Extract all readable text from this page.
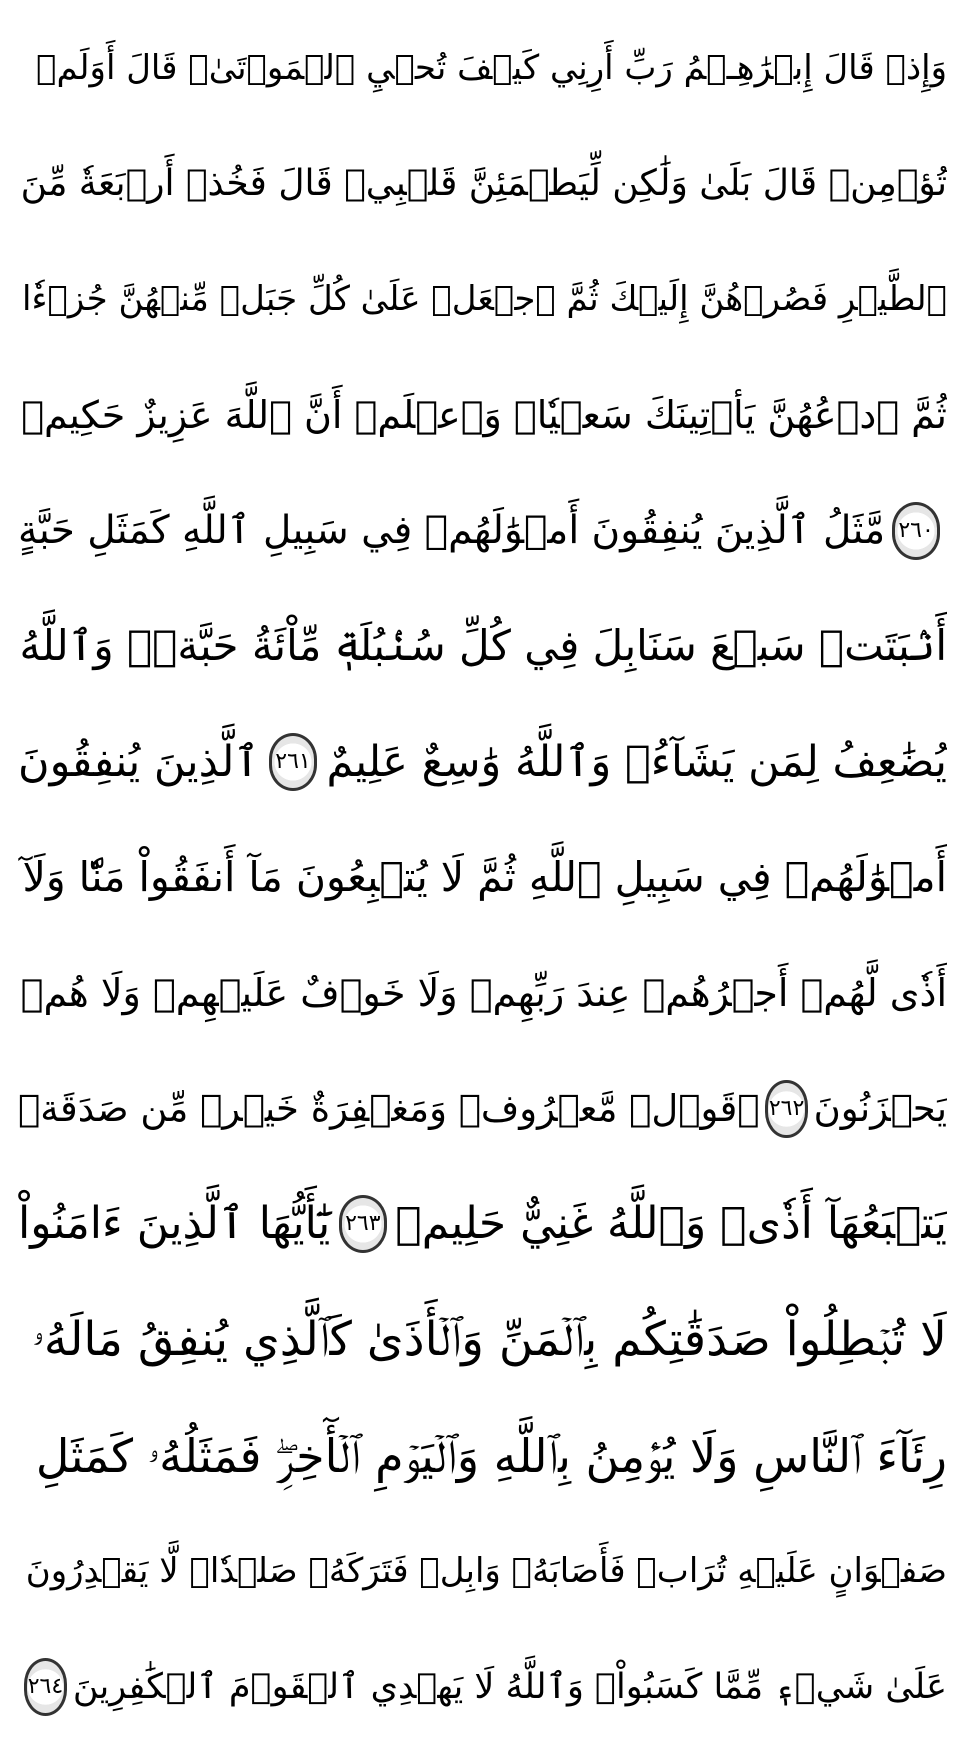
وَإِذۡ قَالَ إِبۡرَٰهِـۧمُ رَبِّ أَرِنِي كَيۡفَ تُحۡيِ ٱلۡمَوۡتَىٰۖ قَالَ أَوَلَمۡ
تُؤۡمِنۖ قَالَ بَلَىٰ وَلَٰكِن لِّيَطۡمَئِنَّ قَلۡبِيۖ قَالَ فَخُذۡ أَرۡبَعَةٗ مِّنَ
ٱلطَّيۡرِ فَصُرۡهُنَّ إِلَيۡكَ ثُمَّ ٱجۡعَلۡ عَلَىٰ كُلِّ جَبَلٖ مِّنۡهُنَّ جُزۡءٗا
ثُمَّ ٱدۡعُهُنَّ يَأۡتِينَكَ سَعۡيٗاۚ وَٱعۡلَمۡ أَنَّ ٱللَّهَ عَزِيزٌ حَكِيمٞ
٢٦٠
مَّثَلُ ٱلَّذِينَ يُنفِقُونَ أَمۡوَٰلَهُمۡ فِي سَبِيلِ ٱللَّهِ كَمَثَلِ حَبَّةٍ
أَنۢبَتَتۡ سَبۡعَ سَنَابِلَ فِي كُلِّ سُنۢبُلَةٖ مِّاْئَةُ حَبَّةٖۗ وَٱللَّهُ
يُضَٰعِفُ لِمَن يَشَآءُۚ وَٱللَّهُ وَٰسِعٌ عَلِيمٌ
٢٦١
ٱلَّذِينَ يُنفِقُونَ
أَمۡوَٰلَهُمۡ فِي سَبِيلِ ٱللَّهِ ثُمَّ لَا يُتۡبِعُونَ مَآ أَنفَقُواْ مَنّٗا وَلَآ
أَذٗى لَّهُمۡ أَجۡرُهُمۡ عِندَ رَبِّهِمۡ وَلَا خَوۡفٌ عَلَيۡهِمۡ وَلَا هُمۡ
يَحۡزَنُونَ
٢٦٢
۞قَوۡلٞ مَّعۡرُوفٞ وَمَغۡفِرَةٌ خَيۡرٞ مِّن صَدَقَةٖ
يَتۡبَعُهَآ أَذٗىۗ وَٱللَّهُ غَنِيٌّ حَلِيمٞ
٢٦٣
يَٰٓأَيُّهَا ٱلَّذِينَ ءَامَنُواْ
لَا تُبۡطِلُواْ صَدَقَٰتِكُم بِٱلۡمَنِّ وَٱلۡأَذَىٰ كَٱلَّذِي يُنفِقُ مَالَهُۥ
رِئَآءَ ٱلنَّاسِ وَلَا يُؤۡمِنُ بِٱللَّهِ وَٱلۡيَوۡمِ ٱلۡأٓخِرِۖ فَمَثَلُهُۥ كَمَثَلِ
صَفۡوَانٍ عَلَيۡهِ تُرَابٞ فَأَصَابَهُۥ وَابِلٞ فَتَرَكَهُۥ صَلۡدٗاۖ لَّا يَقۡدِرُونَ
عَلَىٰ شَيۡءٖ مِّمَّا كَسَبُواْۗ وَٱللَّهُ لَا يَهۡدِي ٱلۡقَوۡمَ ٱلۡكَٰفِرِينَ
٢٦٤
